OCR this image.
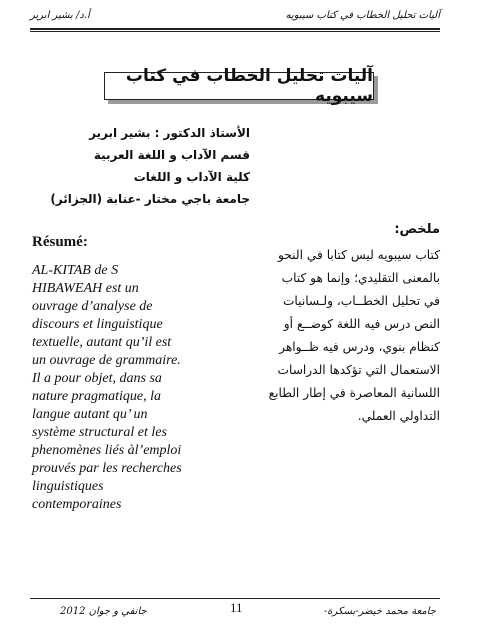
أ.د/ بشير ابرير	آليات تحليل الخطاب في كتاب سيبويه
آليات تحليل الخطاب في كتاب سيبويه
الأستاذ الدكتور : بشير ابرير
قسم الآداب و اللغة العربية
كلية الآداب و اللغات
جامعة باجي مختار -عنابة (الجزائر)
Résumé:
ملخص:
AL-KITAB de S
HIBAWEAH est un
ouvrage d’analyse de
discours et linguistique
textuelle, autant qu’il est
un ouvrage de grammaire.
Il a pour objet, dans sa
nature pragmatique, la
langue autant qu’ un
système structural et les
phenomènes liés àl’emploi
prouvés par les recherches
linguistiques
contemporaines
كتاب سيبويه ليس كتابا في النحو
بالمعنى التقليدي؛ وإنما هو كتاب
في تحليل الخطــاب، ولـسانيات
النص درس فيه اللغة كوضــع أو
كنظام بنوي، ودرس فيه ظــواهر
الاستعمال التي تؤكدها الدراسات
اللسانية المعاصرة في إطار الطابع
التداولي العملي.
جانفي و جوان 2012	11	جامعة محمد خيضر-بسكرة-
